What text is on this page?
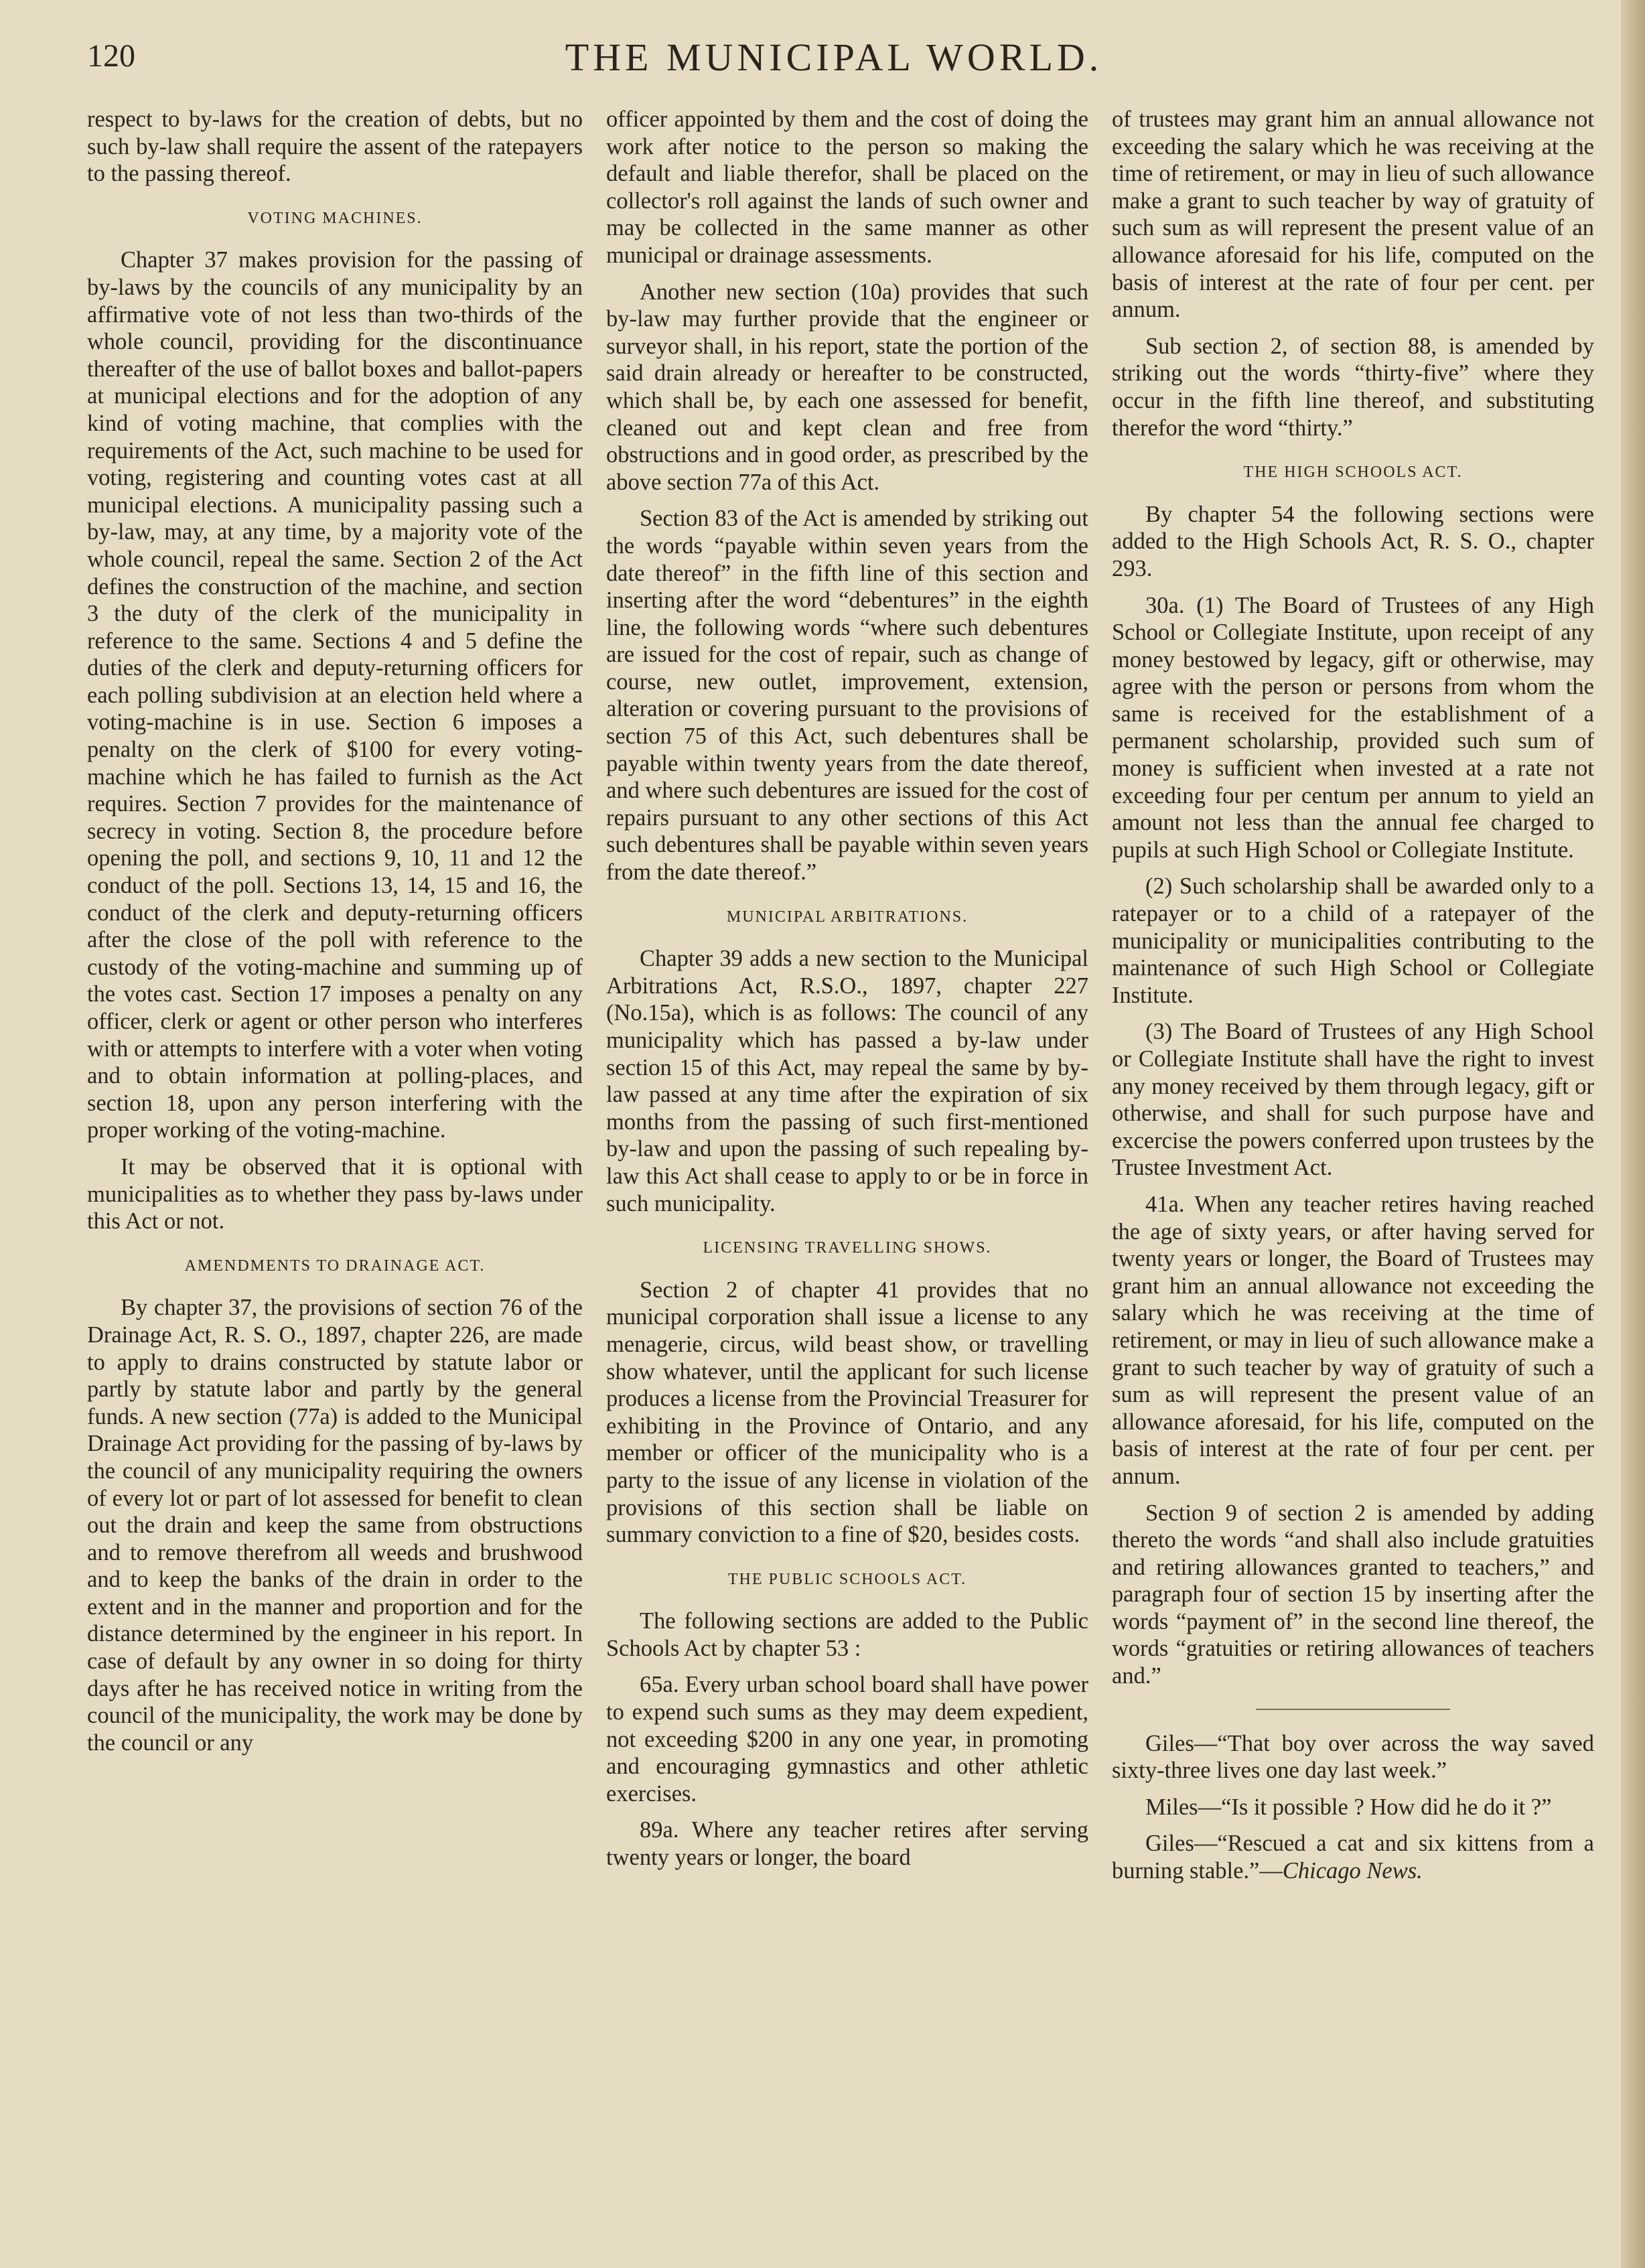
120	THE MUNICIPAL WORLD.

respect to by-laws for the creation of debts, but no such by-law shall require the assent of the ratepayers to the passing thereof.

VOTING MACHINES.

Chapter 37 makes provision for the passing of by-laws by the councils of any municipality by an affirmative vote of not less than two-thirds of the whole council, providing for the discontinuance thereafter of the use of ballot boxes and ballot-papers at municipal elections and for the adoption of any kind of voting machine, that complies with the requirements of the Act, such machine to be used for voting, registering and counting votes cast at all municipal elections. A municipality passing such a by-law, may, at any time, by a majority vote of the whole council, repeal the same. Section 2 of the Act defines the construction of the machine, and section 3 the duty of the clerk of the municipality in reference to the same. Sections 4 and 5 define the duties of the clerk and deputy-returning officers for each polling subdivision at an election held where a voting-machine is in use. Section 6 imposes a penalty on the clerk of $100 for every voting-machine which he has failed to furnish as the Act requires. Section 7 provides for the maintenance of secrecy in voting. Section 8, the procedure before opening the poll, and sections 9, 10, 11 and 12 the conduct of the poll. Sections 13, 14, 15 and 16, the conduct of the clerk and deputy-returning officers after the close of the poll with reference to the custody of the voting-machine and summing up of the votes cast. Section 17 imposes a penalty on any officer, clerk or agent or other person who interferes with or attempts to interfere with a voter when voting and to obtain information at polling-places, and section 18, upon any person interfering with the proper working of the voting-machine.

It may be observed that it is optional with municipalities as to whether they pass by-laws under this Act or not.

AMENDMENTS TO DRAINAGE ACT.

By chapter 37, the provisions of section 76 of the Drainage Act, R. S. O., 1897, chapter 226, are made to apply to drains constructed by statute labor or partly by statute labor and partly by the general funds. A new section (77a) is added to the Municipal Drainage Act providing for the passing of by-laws by the council of any municipality requiring the owners of every lot or part of lot assessed for benefit to clean out the drain and keep the same from obstructions and to remove therefrom all weeds and brushwood and to keep the banks of the drain in order to the extent and in the manner and proportion and for the distance determined by the engineer in his report. In case of default by any owner in so doing for thirty days after he has received notice in writing from the council of the municipality, the work may be done by the council or any

officer appointed by them and the cost of doing the work after notice to the person so making the default and liable therefor, shall be placed on the collector's roll against the lands of such owner and may be collected in the same manner as other municipal or drainage assessments.

Another new section (10a) provides that such by-law may further provide that the engineer or surveyor shall, in his report, state the portion of the said drain already or hereafter to be constructed, which shall be, by each one assessed for benefit, cleaned out and kept clean and free from obstructions and in good order, as prescribed by the above section 77a of this Act.

Section 83 of the Act is amended by striking out the words “payable within seven years from the date thereof” in the fifth line of this section and inserting after the word “debentures” in the eighth line, the following words “where such debentures are issued for the cost of repair, such as change of course, new outlet, improvement, extension, alteration or covering pursuant to the provisions of section 75 of this Act, such debentures shall be payable within twenty years from the date thereof, and where such debentures are issued for the cost of repairs pursuant to any other sections of this Act such debentures shall be payable within seven years from the date thereof.”

MUNICIPAL ARBITRATIONS.

Chapter 39 adds a new section to the Municipal Arbitrations Act, R.S.O., 1897, chapter 227 (No.15a), which is as follows: The council of any municipality which has passed a by-law under section 15 of this Act, may repeal the same by by-law passed at any time after the expiration of six months from the passing of such first-mentioned by-law and upon the passing of such repealing by-law this Act shall cease to apply to or be in force in such municipality.

LICENSING TRAVELLING SHOWS.

Section 2 of chapter 41 provides that no municipal corporation shall issue a license to any menagerie, circus, wild beast show, or travelling show whatever, until the applicant for such license produces a license from the Provincial Treasurer for exhibiting in the Province of Ontario, and any member or officer of the municipality who is a party to the issue of any license in violation of the provisions of this section shall be liable on summary conviction to a fine of $20, besides costs.

THE PUBLIC SCHOOLS ACT.

The following sections are added to the Public Schools Act by chapter 53 :

65a. Every urban school board shall have power to expend such sums as they may deem expedient, not exceeding $200 in any one year, in promoting and encouraging gymnastics and other athletic exercises.

89a. Where any teacher retires after serving twenty years or longer, the board

of trustees may grant him an annual allowance not exceeding the salary which he was receiving at the time of retirement, or may in lieu of such allowance make a grant to such teacher by way of gratuity of such sum as will represent the present value of an allowance aforesaid for his life, computed on the basis of interest at the rate of four per cent. per annum.

Sub section 2, of section 88, is amended by striking out the words “thirty-five” where they occur in the fifth line thereof, and substituting therefor the word “thirty.”

THE HIGH SCHOOLS ACT.

By chapter 54 the following sections were added to the High Schools Act, R. S. O., chapter 293.

30a. (1) The Board of Trustees of any High School or Collegiate Institute, upon receipt of any money bestowed by legacy, gift or otherwise, may agree with the person or persons from whom the same is received for the establishment of a permanent scholarship, provided such sum of money is sufficient when invested at a rate not exceeding four per centum per annum to yield an amount not less than the annual fee charged to pupils at such High School or Collegiate Institute.

(2) Such scholarship shall be awarded only to a ratepayer or to a child of a ratepayer of the municipality or municipalities contributing to the maintenance of such High School or Collegiate Institute.

(3) The Board of Trustees of any High School or Collegiate Institute shall have the right to invest any money received by them through legacy, gift or otherwise, and shall for such purpose have and excercise the powers conferred upon trustees by the Trustee Investment Act.

41a. When any teacher retires having reached the age of sixty years, or after having served for twenty years or longer, the Board of Trustees may grant him an annual allowance not exceeding the salary which he was receiving at the time of retirement, or may in lieu of such allowance make a grant to such teacher by way of gratuity of such a sum as will represent the present value of an allowance aforesaid, for his life, computed on the basis of interest at the rate of four per cent. per annum.

Section 9 of section 2 is amended by adding thereto the words “and shall also include gratuities and retiring allowances granted to teachers,” and paragraph four of section 15 by inserting after the words “payment of” in the second line thereof, the words “gratuities or retiring allowances of teachers and.”

Giles—“That boy over across the way saved sixty-three lives one day last week.”

Miles—“Is it possible ? How did he do it ?”

Giles—“Rescued a cat and six kittens from a burning stable.”—Chicago News.
